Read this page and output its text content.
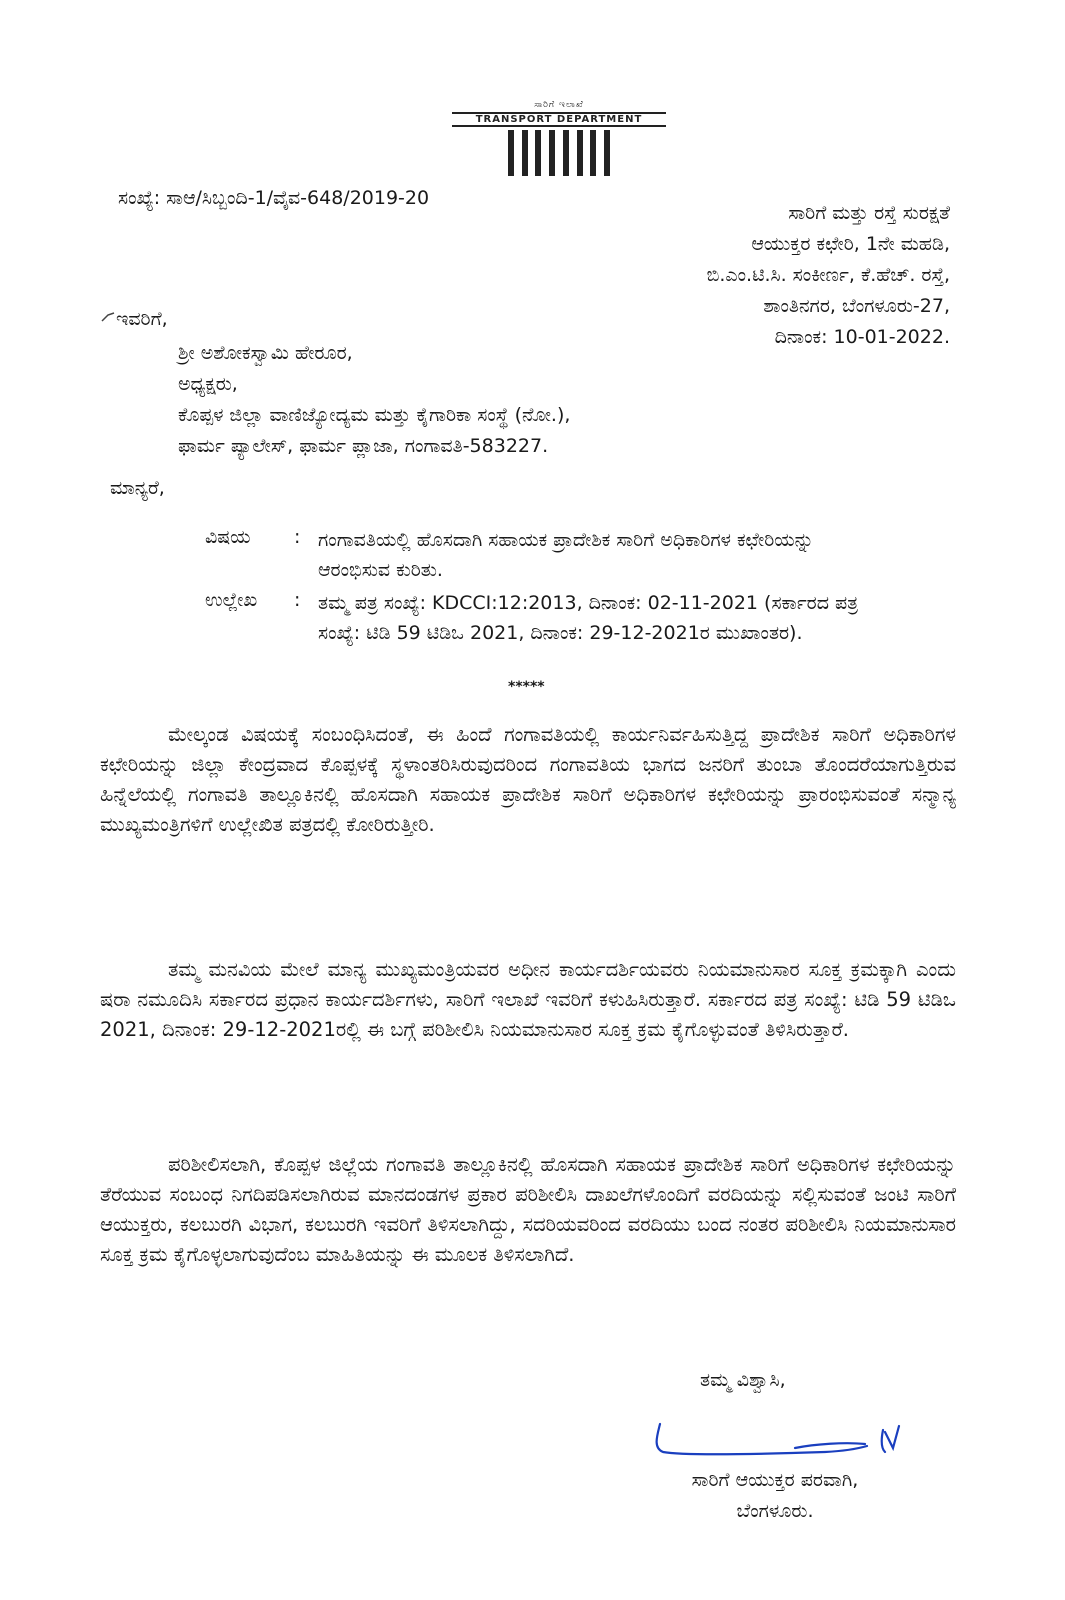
ಸಾರಿಗೆ ಇಲಾಖೆ
TRANSPORT DEPARTMENT
ಸಂಖ್ಯೆ: ಸಾಆ/ಸಿಬ್ಬಂದಿ-1/ವೈವ-648/2019-20
ಸಾರಿಗೆ ಮತ್ತು ರಸ್ತೆ ಸುರಕ್ಷತೆ
ಆಯುಕ್ತರ ಕಛೇರಿ, 1ನೇ ಮಹಡಿ,
ಬಿ.ಎಂ.ಟಿ.ಸಿ. ಸಂಕೀರ್ಣ, ಕೆ.ಹೆಚ್. ರಸ್ತೆ,
ಶಾಂತಿನಗರ, ಬೆಂಗಳೂರು-27,
ದಿನಾಂಕ: 10-01-2022.
ಇವರಿಗೆ,
ಶ್ರೀ ಅಶೋಕಸ್ವಾಮಿ ಹೇರೂರ,
ಅಧ್ಯಕ್ಷರು,
ಕೊಪ್ಪಳ ಜಿಲ್ಲಾ ವಾಣಿಜ್ಯೋದ್ಯಮ ಮತ್ತು ಕೈಗಾರಿಕಾ ಸಂಸ್ಥೆ (ನೋ.),
ಫಾರ್ಮ ಪ್ಯಾಲೇಸ್, ಫಾರ್ಮ ಪ್ಲಾಜಾ, ಗಂಗಾವತಿ-583227.
ಮಾನ್ಯರೆ,
ವಿಷಯ : ಗಂಗಾವತಿಯಲ್ಲಿ ಹೊಸದಾಗಿ ಸಹಾಯಕ ಪ್ರಾದೇಶಿಕ ಸಾರಿಗೆ ಅಧಿಕಾರಿಗಳ ಕಛೇರಿಯನ್ನು ಆರಂಭಿಸುವ ಕುರಿತು.
ಉಲ್ಲೇಖ : ತಮ್ಮ ಪತ್ರ ಸಂಖ್ಯೆ: KDCCI:12:2013, ದಿನಾಂಕ: 02-11-2021 (ಸರ್ಕಾರದ ಪತ್ರ ಸಂಖ್ಯೆ: ಟಿಡಿ 59 ಟಿಡಿಒ 2021, ದಿನಾಂಕ: 29-12-2021ರ ಮುಖಾಂತರ).
*****
ಮೇಲ್ಕಂಡ ವಿಷಯಕ್ಕೆ ಸಂಬಂಧಿಸಿದಂತೆ, ಈ ಹಿಂದೆ ಗಂಗಾವತಿಯಲ್ಲಿ ಕಾರ್ಯನಿರ್ವಹಿಸುತ್ತಿದ್ದ ಪ್ರಾದೇಶಿಕ ಸಾರಿಗೆ ಅಧಿಕಾರಿಗಳ ಕಛೇರಿಯನ್ನು ಜಿಲ್ಲಾ ಕೇಂದ್ರವಾದ ಕೊಪ್ಪಳಕ್ಕೆ ಸ್ಥಳಾಂತರಿಸಿರುವುದರಿಂದ ಗಂಗಾವತಿಯ ಭಾಗದ ಜನರಿಗೆ ತುಂಬಾ ತೊಂದರೆಯಾಗುತ್ತಿರುವ ಹಿನ್ನೆಲೆಯಲ್ಲಿ ಗಂಗಾವತಿ ತಾಲ್ಲೂಕಿನಲ್ಲಿ ಹೊಸದಾಗಿ ಸಹಾಯಕ ಪ್ರಾದೇಶಿಕ ಸಾರಿಗೆ ಅಧಿಕಾರಿಗಳ ಕಛೇರಿಯನ್ನು ಪ್ರಾರಂಭಿಸುವಂತೆ ಸನ್ಮಾನ್ಯ ಮುಖ್ಯಮಂತ್ರಿಗಳಿಗೆ ಉಲ್ಲೇಖಿತ ಪತ್ರದಲ್ಲಿ ಕೋರಿರುತ್ತೀರಿ.
ತಮ್ಮ ಮನವಿಯ ಮೇಲೆ ಮಾನ್ಯ ಮುಖ್ಯಮಂತ್ರಿಯವರ ಅಧೀನ ಕಾರ್ಯದರ್ಶಿಯವರು ನಿಯಮಾನುಸಾರ ಸೂಕ್ತ ಕ್ರಮಕ್ಕಾಗಿ ಎಂದು ಷರಾ ನಮೂದಿಸಿ ಸರ್ಕಾರದ ಪ್ರಧಾನ ಕಾರ್ಯದರ್ಶಿಗಳು, ಸಾರಿಗೆ ಇಲಾಖೆ ಇವರಿಗೆ ಕಳುಹಿಸಿರುತ್ತಾರೆ. ಸರ್ಕಾರದ ಪತ್ರ ಸಂಖ್ಯೆ: ಟಿಡಿ 59 ಟಿಡಿಒ 2021, ದಿನಾಂಕ: 29-12-2021ರಲ್ಲಿ ಈ ಬಗ್ಗೆ ಪರಿಶೀಲಿಸಿ ನಿಯಮಾನುಸಾರ ಸೂಕ್ತ ಕ್ರಮ ಕೈಗೊಳ್ಳುವಂತೆ ತಿಳಿಸಿರುತ್ತಾರೆ.
ಪರಿಶೀಲಿಸಲಾಗಿ, ಕೊಪ್ಪಳ ಜಿಲ್ಲೆಯ ಗಂಗಾವತಿ ತಾಲ್ಲೂಕಿನಲ್ಲಿ ಹೊಸದಾಗಿ ಸಹಾಯಕ ಪ್ರಾದೇಶಿಕ ಸಾರಿಗೆ ಅಧಿಕಾರಿಗಳ ಕಛೇರಿಯನ್ನು ತೆರೆಯುವ ಸಂಬಂಧ ನಿಗದಿಪಡಿಸಲಾಗಿರುವ ಮಾನದಂಡಗಳ ಪ್ರಕಾರ ಪರಿಶೀಲಿಸಿ ದಾಖಲೆಗಳೊಂದಿಗೆ ವರದಿಯನ್ನು ಸಲ್ಲಿಸುವಂತೆ ಜಂಟಿ ಸಾರಿಗೆ ಆಯುಕ್ತರು, ಕಲಬುರಗಿ ವಿಭಾಗ, ಕಲಬುರಗಿ ಇವರಿಗೆ ತಿಳಿಸಲಾಗಿದ್ದು, ಸದರಿಯವರಿಂದ ವರದಿಯು ಬಂದ ನಂತರ ಪರಿಶೀಲಿಸಿ ನಿಯಮಾನುಸಾರ ಸೂಕ್ತ ಕ್ರಮ ಕೈಗೊಳ್ಳಲಾಗುವುದೆಂಬ ಮಾಹಿತಿಯನ್ನು ಈ ಮೂಲಕ ತಿಳಿಸಲಾಗಿದೆ.
ತಮ್ಮ ವಿಶ್ವಾಸಿ,
ಸಾರಿಗೆ ಆಯುಕ್ತರ ಪರವಾಗಿ,
ಬೆಂಗಳೂರು.
